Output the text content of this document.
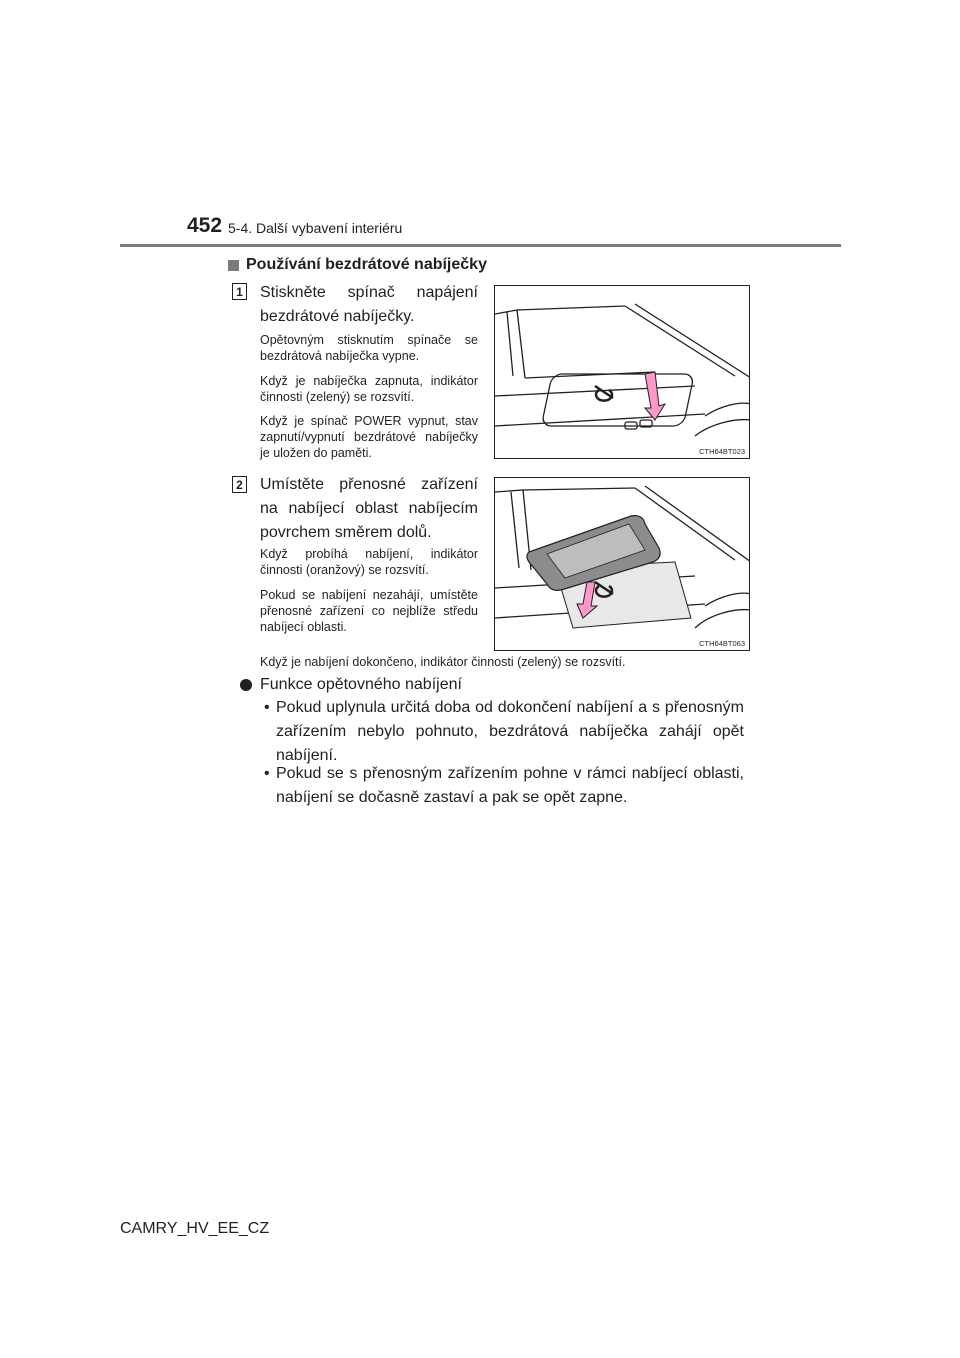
452 5-4. Další vybavení interiéru
Používání bezdrátové nabíječky
1 Stiskněte spínač napájení bezdrátové nabíječky.
Opětovným stisknutím spínače se bezdrátová nabíječka vypne.
Když je nabíječka zapnuta, indikátor činnosti (zelený) se rozsvítí.
Když je spínač POWER vypnut, stav zapnutí/vypnutí bezdrátové nabíječky je uložen do paměti.	CTH64BT023
2 Umístěte přenosné zařízení na nabíjecí oblast nabíjecím povrchem směrem dolů.
Když probíhá nabíjení, indikátor činnosti (oranžový) se rozsvítí.
Pokud se nabíjení nezahájí, umístěte přenosné zařízení co nejblíže středu nabíjecí oblasti.
Když je nabíjení dokončeno, indikátor činnosti (zelený) se rozsvítí.
CTH64BT063
Funkce opětovného nabíjení
• Pokud uplynula určitá doba od dokončení nabíjení a s přenosným zařízením nebylo pohnuto, bezdrátová nabíječka zahájí opět nabíjení.
• Pokud se s přenosným zařízením pohne v rámci nabíjecí oblasti, nabíjení se dočasně zastaví a pak se opět zapne.
CAMRY_HV_EE_CZ
